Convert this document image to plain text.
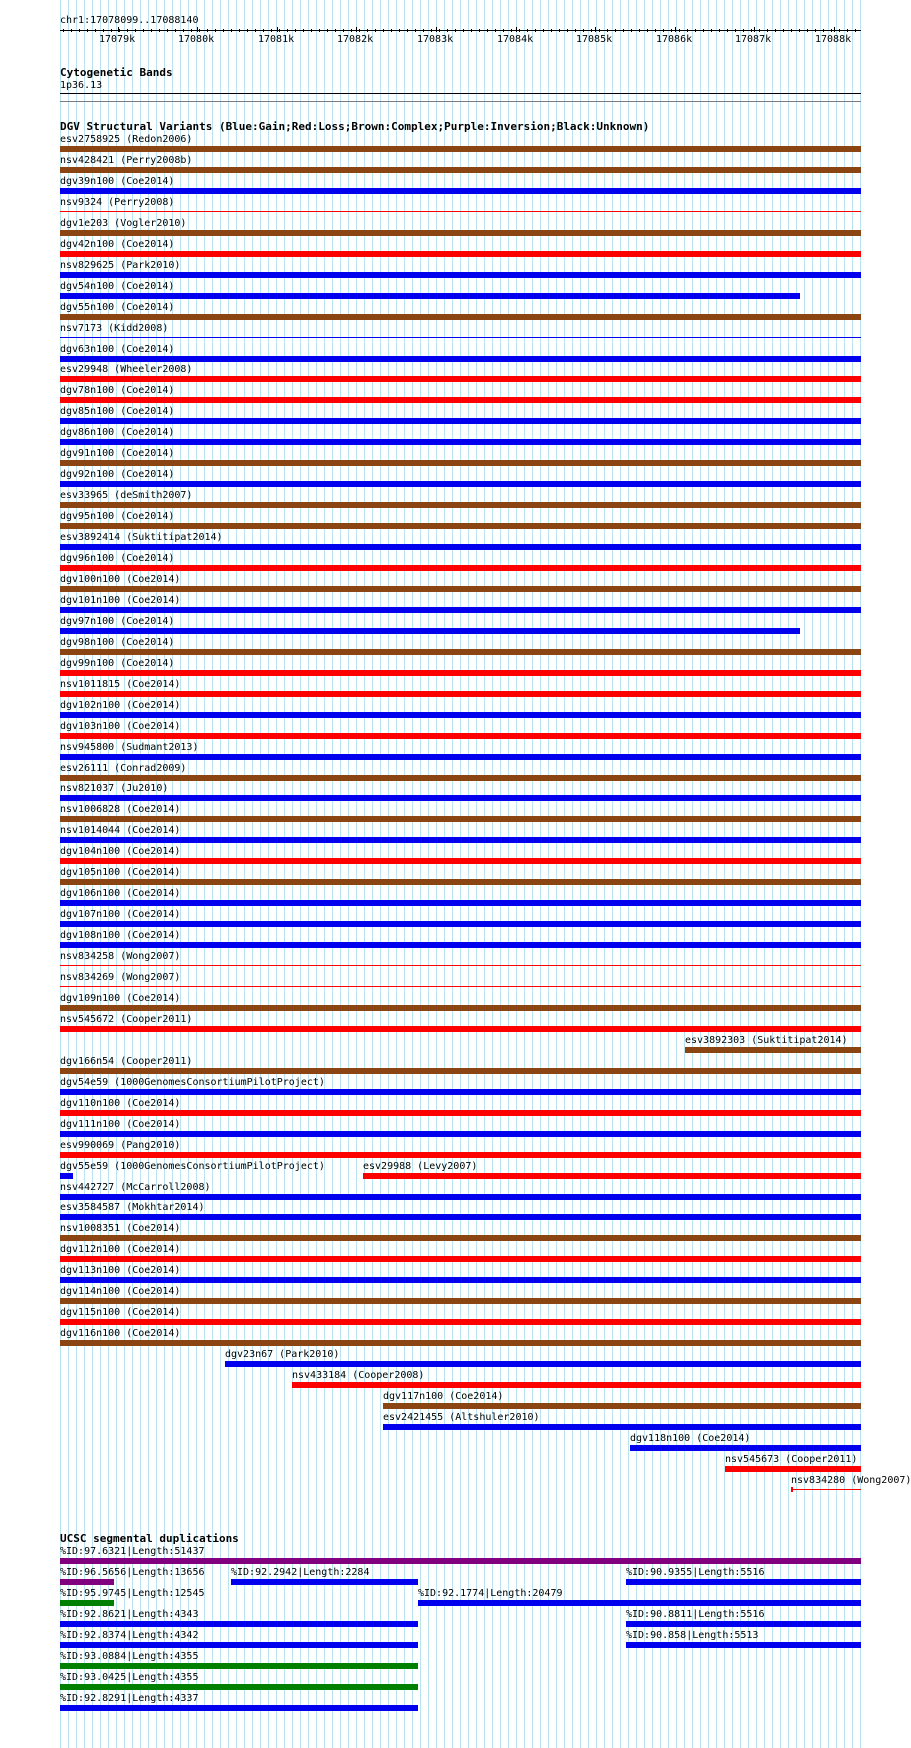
chr1:17078099..17088140
17079k	17080k	17081k	17082k	17083k	17084k	17085k	17086k	17087k	17088k
Cytogenetic Bands
1p36.13
DGV Structural Variants (Blue:Gain;Red:Loss;Brown:Complex;Purple:Inversion;Black:Unknown)
esv2758925 (Redon2006)
nsv428421 (Perry2008b)
dgv39n100 (Coe2014)
nsv9324 (Perry2008)
dgv1e203 (Vogler2010)
dgv42n100 (Coe2014)
nsv829625 (Park2010)
dgv54n100 (Coe2014)
dgv55n100 (Coe2014)
nsv7173 (Kidd2008)
dgv63n100 (Coe2014)
esv29948 (Wheeler2008)
dgv78n100 (Coe2014)
dgv85n100 (Coe2014)
dgv86n100 (Coe2014)
dgv91n100 (Coe2014)
dgv92n100 (Coe2014)
esv33965 (deSmith2007)
dgv95n100 (Coe2014)
esv3892414 (Suktitipat2014)
dgv96n100 (Coe2014)
dgv100n100 (Coe2014)
dgv101n100 (Coe2014)
dgv97n100 (Coe2014)
dgv98n100 (Coe2014)
dgv99n100 (Coe2014)
nsv1011815 (Coe2014)
dgv102n100 (Coe2014)
dgv103n100 (Coe2014)
nsv945800 (Sudmant2013)
esv26111 (Conrad2009)
nsv821037 (Ju2010)
nsv1006828 (Coe2014)
nsv1014044 (Coe2014)
dgv104n100 (Coe2014)
dgv105n100 (Coe2014)
dgv106n100 (Coe2014)
dgv107n100 (Coe2014)
dgv108n100 (Coe2014)
nsv834258 (Wong2007)
nsv834269 (Wong2007)
dgv109n100 (Coe2014)
nsv545672 (Cooper2011)
esv3892303 (Suktitipat2014)
dgv166n54 (Cooper2011)
dgv54e59 (1000GenomesConsortiumPilotProject)
dgv110n100 (Coe2014)
dgv111n100 (Coe2014)
esv990069 (Pang2010)
dgv55e59 (1000GenomesConsortiumPilotProject)	esv29988 (Levy2007)
nsv442727 (McCarroll2008)
esv3584587 (Mokhtar2014)
nsv1008351 (Coe2014)
dgv112n100 (Coe2014)
dgv113n100 (Coe2014)
dgv114n100 (Coe2014)
dgv115n100 (Coe2014)
dgv116n100 (Coe2014)
dgv23n67 (Park2010)
nsv433184 (Cooper2008)
dgv117n100 (Coe2014)
esv2421455 (Altshuler2010)
dgv118n100 (Coe2014)
nsv545673 (Cooper2011)
nsv834280 (Wong2007)
UCSC segmental duplications
%ID:97.6321|Length:51437
%ID:96.5656|Length:13656	%ID:92.2942|Length:2284	%ID:90.9355|Length:5516
%ID:95.9745|Length:12545	%ID:92.1774|Length:20479
%ID:92.8621|Length:4343	%ID:90.8811|Length:5516
%ID:92.8374|Length:4342	%ID:90.858|Length:5513
%ID:93.0884|Length:4355
%ID:93.0425|Length:4355
%ID:92.8291|Length:4337
